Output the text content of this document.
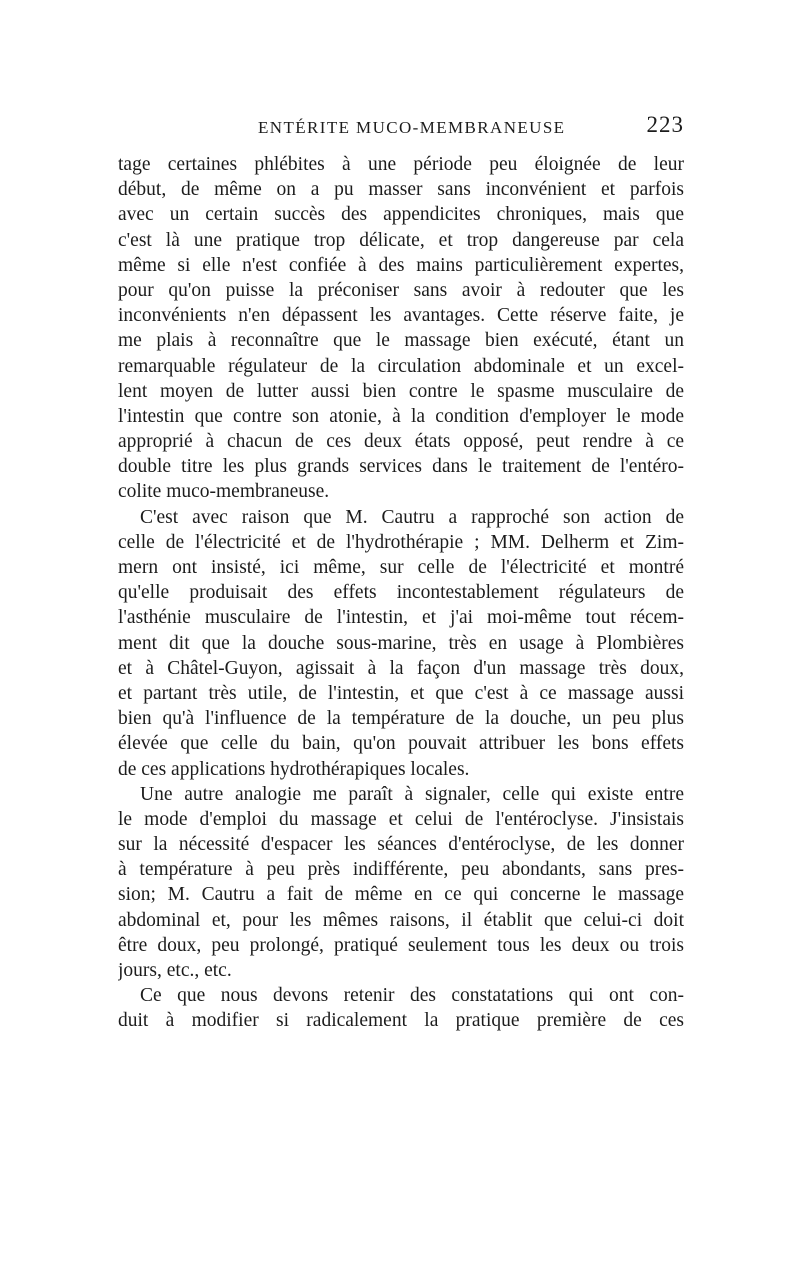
ENTÉRITE MUCO-MEMBRANEUSE	223
tage certaines phlébites à une période peu éloignée de leur
début, de même on a pu masser sans inconvénient et parfois
avec un certain succès des appendicites chroniques, mais que
c'est là une pratique trop délicate, et trop dangereuse par cela
même si elle n'est confiée à des mains particulièrement expertes,
pour qu'on puisse la préconiser sans avoir à redouter que les
inconvénients n'en dépassent les avantages. Cette réserve faite, je
me plais à reconnaître que le massage bien exécuté, étant un
remarquable régulateur de la circulation abdominale et un excel-
lent moyen de lutter aussi bien contre le spasme musculaire de
l'intestin que contre son atonie, à la condition d'employer le mode
approprié à chacun de ces deux états opposé, peut rendre à ce
double titre les plus grands services dans le traitement de l'entéro-
colite muco-membraneuse.
C'est avec raison que M. Cautru a rapproché son action de
celle de l'électricité et de l'hydrothérapie ; MM. Delherm et Zim-
mern ont insisté, ici même, sur celle de l'électricité et montré
qu'elle produisait des effets incontestablement régulateurs de
l'asthénie musculaire de l'intestin, et j'ai moi-même tout récem-
ment dit que la douche sous-marine, très en usage à Plombières
et à Châtel-Guyon, agissait à la façon d'un massage très doux,
et partant très utile, de l'intestin, et que c'est à ce massage aussi
bien qu'à l'influence de la température de la douche, un peu plus
élevée que celle du bain, qu'on pouvait attribuer les bons effets
de ces applications hydrothérapiques locales.
Une autre analogie me paraît à signaler, celle qui existe entre
le mode d'emploi du massage et celui de l'entéroclyse. J'insistais
sur la nécessité d'espacer les séances d'entéroclyse, de les donner
à température à peu près indifférente, peu abondants, sans pres-
sion; M. Cautru a fait de même en ce qui concerne le massage
abdominal et, pour les mêmes raisons, il établit que celui-ci doit
être doux, peu prolongé, pratiqué seulement tous les deux ou trois
jours, etc., etc.
Ce que nous devons retenir des constatations qui ont con-
duit à modifier si radicalement la pratique première de ces
